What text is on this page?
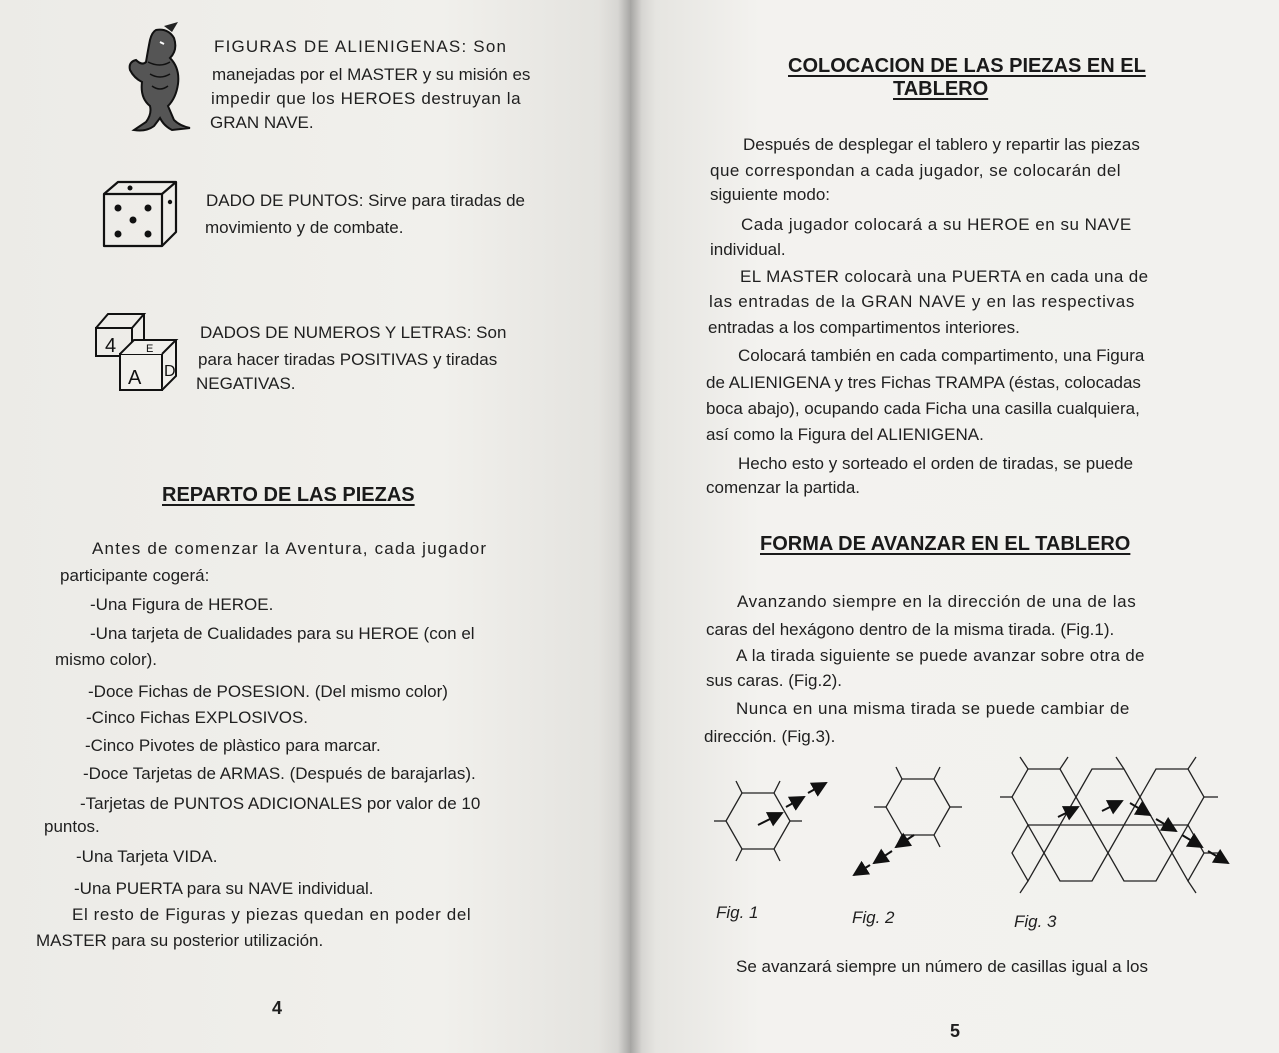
FIGURAS DE ALIENIGENAS: Son
manejadas por el MASTER y su misión es
impedir que los HEROES destruyan la
GRAN NAVE.
DADO DE PUNTOS: Sirve para tiradas de
movimiento y de combate.
4
A D
E
DADOS DE NUMEROS Y LETRAS: Son
para hacer tiradas POSITIVAS y tiradas
NEGATIVAS.
REPARTO DE LAS PIEZAS
Antes de comenzar la Aventura, cada jugador
participante cogerá:
-Una Figura de HEROE.
-Una tarjeta de Cualidades para su HEROE (con el
mismo color).
-Doce Fichas de POSESION. (Del mismo color)
-Cinco Fichas EXPLOSIVOS.
-Cinco Pivotes de plàstico para marcar.
-Doce Tarjetas de ARMAS. (Después de barajarlas).
-Tarjetas de PUNTOS ADICIONALES por valor de 10
puntos.
-Una Tarjeta VIDA.
-Una PUERTA para su NAVE individual.
El resto de Figuras y piezas quedan en poder del
MASTER para su posterior utilización.
4
COLOCACION DE LAS PIEZAS EN EL
TABLERO
Después de desplegar el tablero y repartir las piezas
que correspondan a cada jugador, se colocarán del
siguiente modo:
Cada jugador colocará a su HEROE en su NAVE
individual.
EL MASTER colocarà una PUERTA en cada una de
las entradas de la GRAN NAVE y en las respectivas
entradas a los compartimentos interiores.
Colocará también en cada compartimento, una Figura
de ALIENIGENA y tres Fichas TRAMPA (éstas, colocadas
boca abajo), ocupando cada Ficha una casilla cualquiera,
así como la Figura del ALIENIGENA.
Hecho esto y sorteado el orden de tiradas, se puede
comenzar la partida.
FORMA DE AVANZAR EN EL TABLERO
Avanzando siempre en la dirección de una de las
caras del hexágono dentro de la misma tirada. (Fig.1).
A la tirada siguiente se puede avanzar sobre otra de
sus caras. (Fig.2).
Nunca en una misma tirada se puede cambiar de
dirección. (Fig.3).
Fig. 1	Fig. 2	Fig. 3
Se avanzará siempre un número de casillas igual a los
5
